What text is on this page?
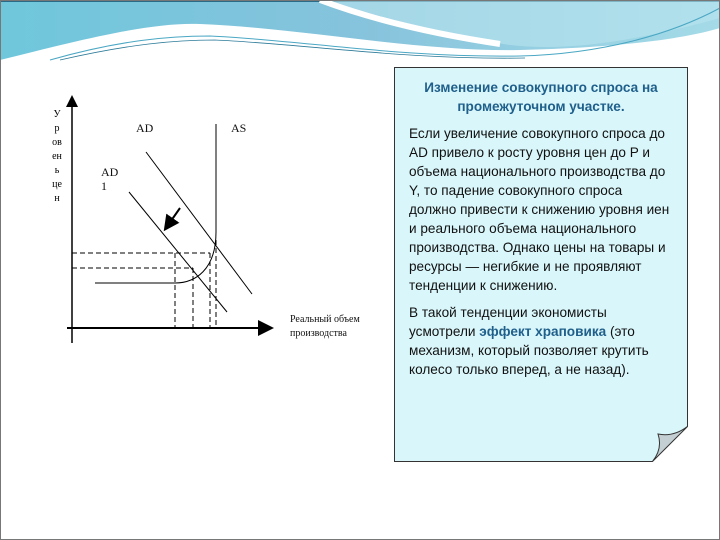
У
р
ов
ен
ь
це
н
AD	AS
AD
1
Реальный объем
производства
Изменение совокупного спроса на промежуточном участке.

Если увеличение совокупного спроса до AD привело к росту уровня цен до P и объема национального производства до Y, то падение совокупного спроса должно привести к снижению уровня иен и реального объема национального производства. Однако цены на товары и ресурсы — негибкие и не проявляют тенденции к снижению.

В такой тенденции экономисты усмотрели эффект храповика (это механизм, который позволяет крутить колесо только вперед, а не назад).
